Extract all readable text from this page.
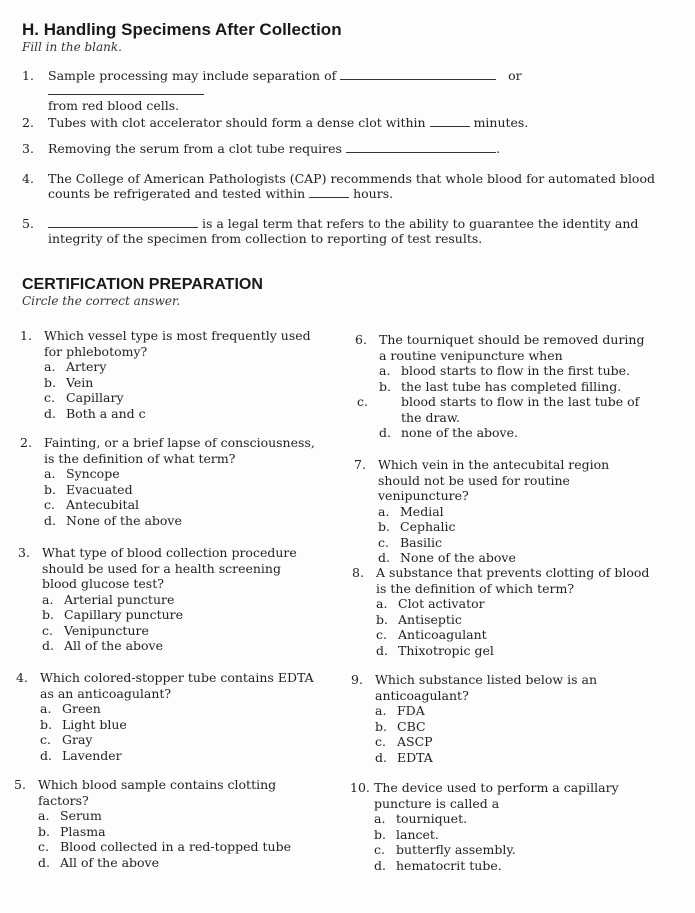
H. Handling Specimens After Collection
Fill in the blank.
1. Sample processing may include separation of	or
from red blood cells.
2. Tubes with clot accelerator should form a dense clot within	minutes.
3. Removing the serum from a clot tube requires	.
4. The College of American Pathologists (CAP) recommends that whole blood for automated blood counts be refrigerated and tested within	hours.
5.	is a legal term that refers to the ability to guarantee the identity and integrity of the specimen from collection to reporting of test results.
CERTIFICATION PREPARATION
Circle the correct answer.
1. Which vessel type is most frequently used for phlebotomy?
a. Artery
b. Vein
c. Capillary
d. Both a and c
2. Fainting, or a brief lapse of consciousness, is the definition of what term?
a. Syncope
b. Evacuated
c. Antecubital
d. None of the above
3. What type of blood collection procedure should be used for a health screening blood glucose test?
a. Arterial puncture
b. Capillary puncture
c. Venipuncture
d. All of the above
4. Which colored-stopper tube contains EDTA as an anticoagulant?
a. Green
b. Light blue
c. Gray
d. Lavender
5. Which blood sample contains clotting factors?
a. Serum
b. Plasma
c. Blood collected in a red-topped tube
d. All of the above
6. The tourniquet should be removed during a routine venipuncture when
a. blood starts to flow in the first tube.
b. the last tube has completed filling.
c.	blood starts to flow in the last tube of the draw.
d. none of the above.
7. Which vein in the antecubital region should not be used for routine venipuncture?
a. Medial
b. Cephalic
c. Basilic
d. None of the above
8. A substance that prevents clotting of blood is the definition of which term?
a. Clot activator
b. Antiseptic
c. Anticoagulant
d. Thixotropic gel
9. Which substance listed below is an anticoagulant?
a. FDA
b. CBC
c. ASCP
d. EDTA
10. The device used to perform a capillary puncture is called a
a. tourniquet.
b. lancet.
c. butterfly assembly.
d. hematocrit tube.
